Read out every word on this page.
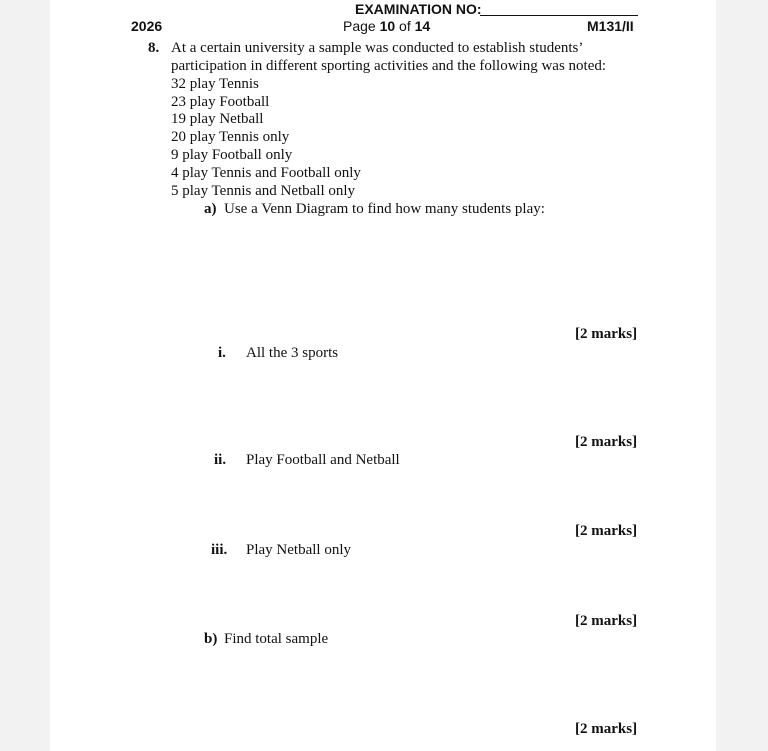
EXAMINATION NO:
2026	Page 10 of 14	M131/II
8. At a certain university a sample was conducted to establish students’
participation in different sporting activities and the following was noted:
32 play Tennis
23 play Football
19 play Netball
20 play Tennis only
9 play Football only
4 play Tennis and Football only
5 play Tennis and Netball only
a) Use a Venn Diagram to find how many students play:
[2 marks]
[2 marks]
[2 marks]
[2 marks]
[2 marks]
i. All the 3 sports
ii. Play Football and Netball
iii. Play Netball only
b) Find total sample
